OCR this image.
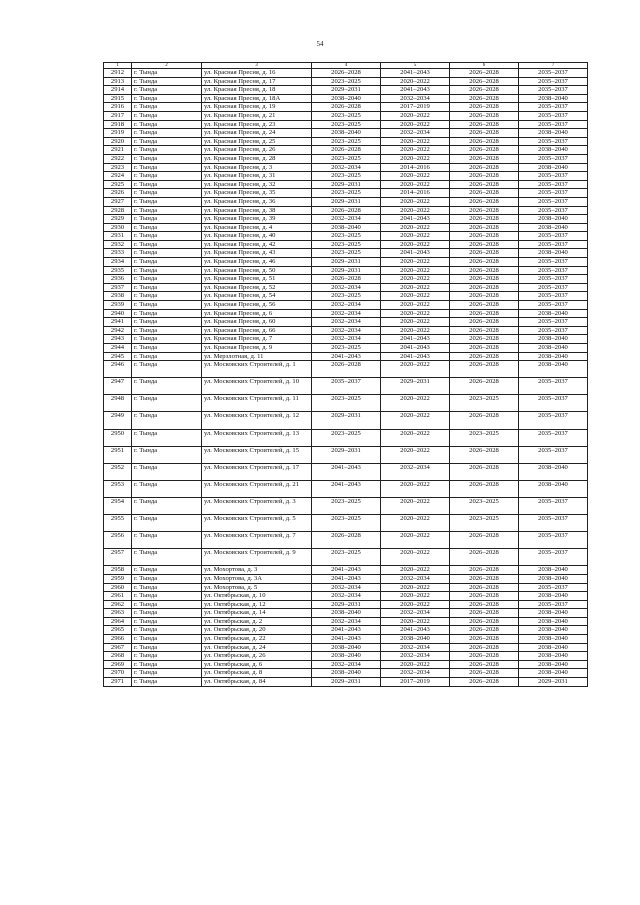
54
1	2	3	4	5	6	7
2912	г. Тында	ул. Красная Пресня, д. 16	2026–2028	2041–2043	2026–2028	2035–2037
2913	г. Тында	ул. Красная Пресня, д. 17	2023–2025	2020–2022	2026–2028	2035–2037
2914	г. Тында	ул. Красная Пресня, д. 18	2029–2031	2041–2043	2026–2028	2035–2037
2915	г. Тында	ул. Красная Пресня, д. 18А	2038–2040	2032–2034	2026–2028	2038–2040
2916	г. Тында	ул. Красная Пресня, д. 19	2026–2028	2017–2019	2026–2028	2035–2037
2917	г. Тында	ул. Красная Пресня, д. 21	2023–2025	2020–2022	2026–2028	2035–2037
2918	г. Тында	ул. Красная Пресня, д. 23	2023–2025	2020–2022	2026–2028	2035–2037
2919	г. Тында	ул. Красная Пресня, д. 24	2038–2040	2032–2034	2026–2028	2038–2040
2920	г. Тында	ул. Красная Пресня, д. 25	2023–2025	2020–2022	2026–2028	2035–2037
2921	г. Тында	ул. Красная Пресня, д. 26	2026–2028	2020–2022	2026–2028	2038–2040
2922	г. Тында	ул. Красная Пресня, д. 28	2023–2025	2020–2022	2026–2028	2035–2037
2923	г. Тында	ул. Красная Пресня, д. 3	2032–2034	2014–2016	2026–2028	2038–2040
2924	г. Тында	ул. Красная Пресня, д. 31	2023–2025	2020–2022	2026–2028	2035–2037
2925	г. Тында	ул. Красная Пресня, д. 32	2029–2031	2020–2022	2026–2028	2035–2037
2926	г. Тында	ул. Красная Пресня, д. 35	2023–2025	2014–2016	2026–2028	2035–2037
2927	г. Тында	ул. Красная Пресня, д. 36	2029–2031	2020–2022	2026–2028	2035–2037
2928	г. Тында	ул. Красная Пресня, д. 38	2026–2028	2020–2022	2026–2028	2035–2037
2929	г. Тында	ул. Красная Пресня, д. 39	2032–2034	2041–2043	2026–2028	2038–2040
2930	г. Тында	ул. Красная Пресня, д. 4	2038–2040	2020–2022	2026–2028	2038–2040
2931	г. Тында	ул. Красная Пресня, д. 40	2023–2025	2020–2022	2026–2028	2035–2037
2932	г. Тында	ул. Красная Пресня, д. 42	2023–2025	2020–2022	2026–2028	2035–2037
2933	г. Тында	ул. Красная Пресня, д. 43	2023–2025	2041–2043	2026–2028	2038–2040
2934	г. Тында	ул. Красная Пресня, д. 46	2029–2031	2020–2022	2026–2028	2035–2037
2935	г. Тында	ул. Красная Пресня, д. 50	2029–2031	2020–2022	2026–2028	2035–2037
2936	г. Тында	ул. Красная Пресня, д. 51	2026–2028	2020–2022	2026–2028	2035–2037
2937	г. Тында	ул. Красная Пресня, д. 52	2032–2034	2020–2022	2026–2028	2035–2037
2938	г. Тында	ул. Красная Пресня, д. 54	2023–2025	2020–2022	2026–2028	2035–2037
2939	г. Тында	ул. Красная Пресня, д. 56	2032–2034	2020–2022	2026–2028	2035–2037
2940	г. Тында	ул. Красная Пресня, д. 6	2032–2034	2020–2022	2026–2028	2038–2040
2941	г. Тында	ул. Красная Пресня, д. 60	2032–2034	2020–2022	2026–2028	2035–2037
2942	г. Тында	ул. Красная Пресня, д. 66	2032–2034	2020–2022	2026–2028	2035–2037
2943	г. Тында	ул. Красная Пресня, д. 7	2032–2034	2041–2043	2026–2028	2038–2040
2944	г. Тында	ул. Красная Пресня, д. 9	2023–2025	2041–2043	2026–2028	2038–2040
2945	г. Тында	ул. Мерзлотная, д. 11	2041–2043	2041–2043	2026–2028	2038–2040
2946	г. Тында	ул. Московских Строителей, д. 1	2026–2028	2020–2022	2026–2028	2038–2040
2947	г. Тында	ул. Московских Строителей, д. 10	2035–2037	2029–2031	2026–2028	2035–2037
2948	г. Тында	ул. Московских Строителей, д. 11	2023–2025	2020–2022	2023–2025	2035–2037
2949	г. Тында	ул. Московских Строителей, д. 12	2029–2031	2020–2022	2026–2028	2035–2037
2950	г. Тында	ул. Московских Строителей, д. 13	2023–2025	2020–2022	2023–2025	2035–2037
2951	г. Тында	ул. Московских Строителей, д. 15	2029–2031	2020–2022	2026–2028	2035–2037
2952	г. Тында	ул. Московских Строителей, д. 17	2041–2043	2032–2034	2026–2028	2038–2040
2953	г. Тында	ул. Московских Строителей, д. 21	2041–2043	2020–2022	2026–2028	2038–2040
2954	г. Тында	ул. Московских Строителей, д. 3	2023–2025	2020–2022	2023–2025	2035–2037
2955	г. Тында	ул. Московских Строителей, д. 5	2023–2025	2020–2022	2023–2025	2035–2037
2956	г. Тында	ул. Московских Строителей, д. 7	2026–2028	2020–2022	2026–2028	2035–2037
2957	г. Тында	ул. Московских Строителей, д. 9	2023–2025	2020–2022	2026–2028	2035–2037
2958	г. Тында	ул. Мохортова, д. 3	2041–2043	2020–2022	2026–2028	2038–2040
2959	г. Тында	ул. Мохортова, д. 3А	2041–2043	2032–2034	2026–2028	2038–2040
2960	г. Тында	ул. Мохортова, д. 5	2032–2034	2020–2022	2026–2028	2035–2037
2961	г. Тында	ул. Октябрьская, д. 10	2032–2034	2020–2022	2026–2028	2038–2040
2962	г. Тында	ул. Октябрьская, д. 12	2029–2031	2020–2022	2026–2028	2035–2037
2963	г. Тында	ул. Октябрьская, д. 14	2038–2040	2032–2034	2026–2028	2038–2040
2964	г. Тында	ул. Октябрьская, д. 2	2032–2034	2020–2022	2026–2028	2038–2040
2965	г. Тында	ул. Октябрьская, д. 20	2041–2043	2041–2043	2026–2028	2038–2040
2966	г. Тында	ул. Октябрьская, д. 22	2041–2043	2038–2040	2026–2028	2038–2040
2967	г. Тында	ул. Октябрьская, д. 24	2038–2040	2032–2034	2026–2028	2038–2040
2968	г. Тында	ул. Октябрьская, д. 26	2038–2040	2032–2034	2026–2028	2038–2040
2969	г. Тында	ул. Октябрьская, д. 6	2032–2034	2020–2022	2026–2028	2038–2040
2970	г. Тында	ул. Октябрьская, д. 8	2038–2040	2032–2034	2026–2028	2038–2040
2971	г. Тында	ул. Октябрьская, д. 84	2029–2031	2017–2019	2026–2028	2029–2031
